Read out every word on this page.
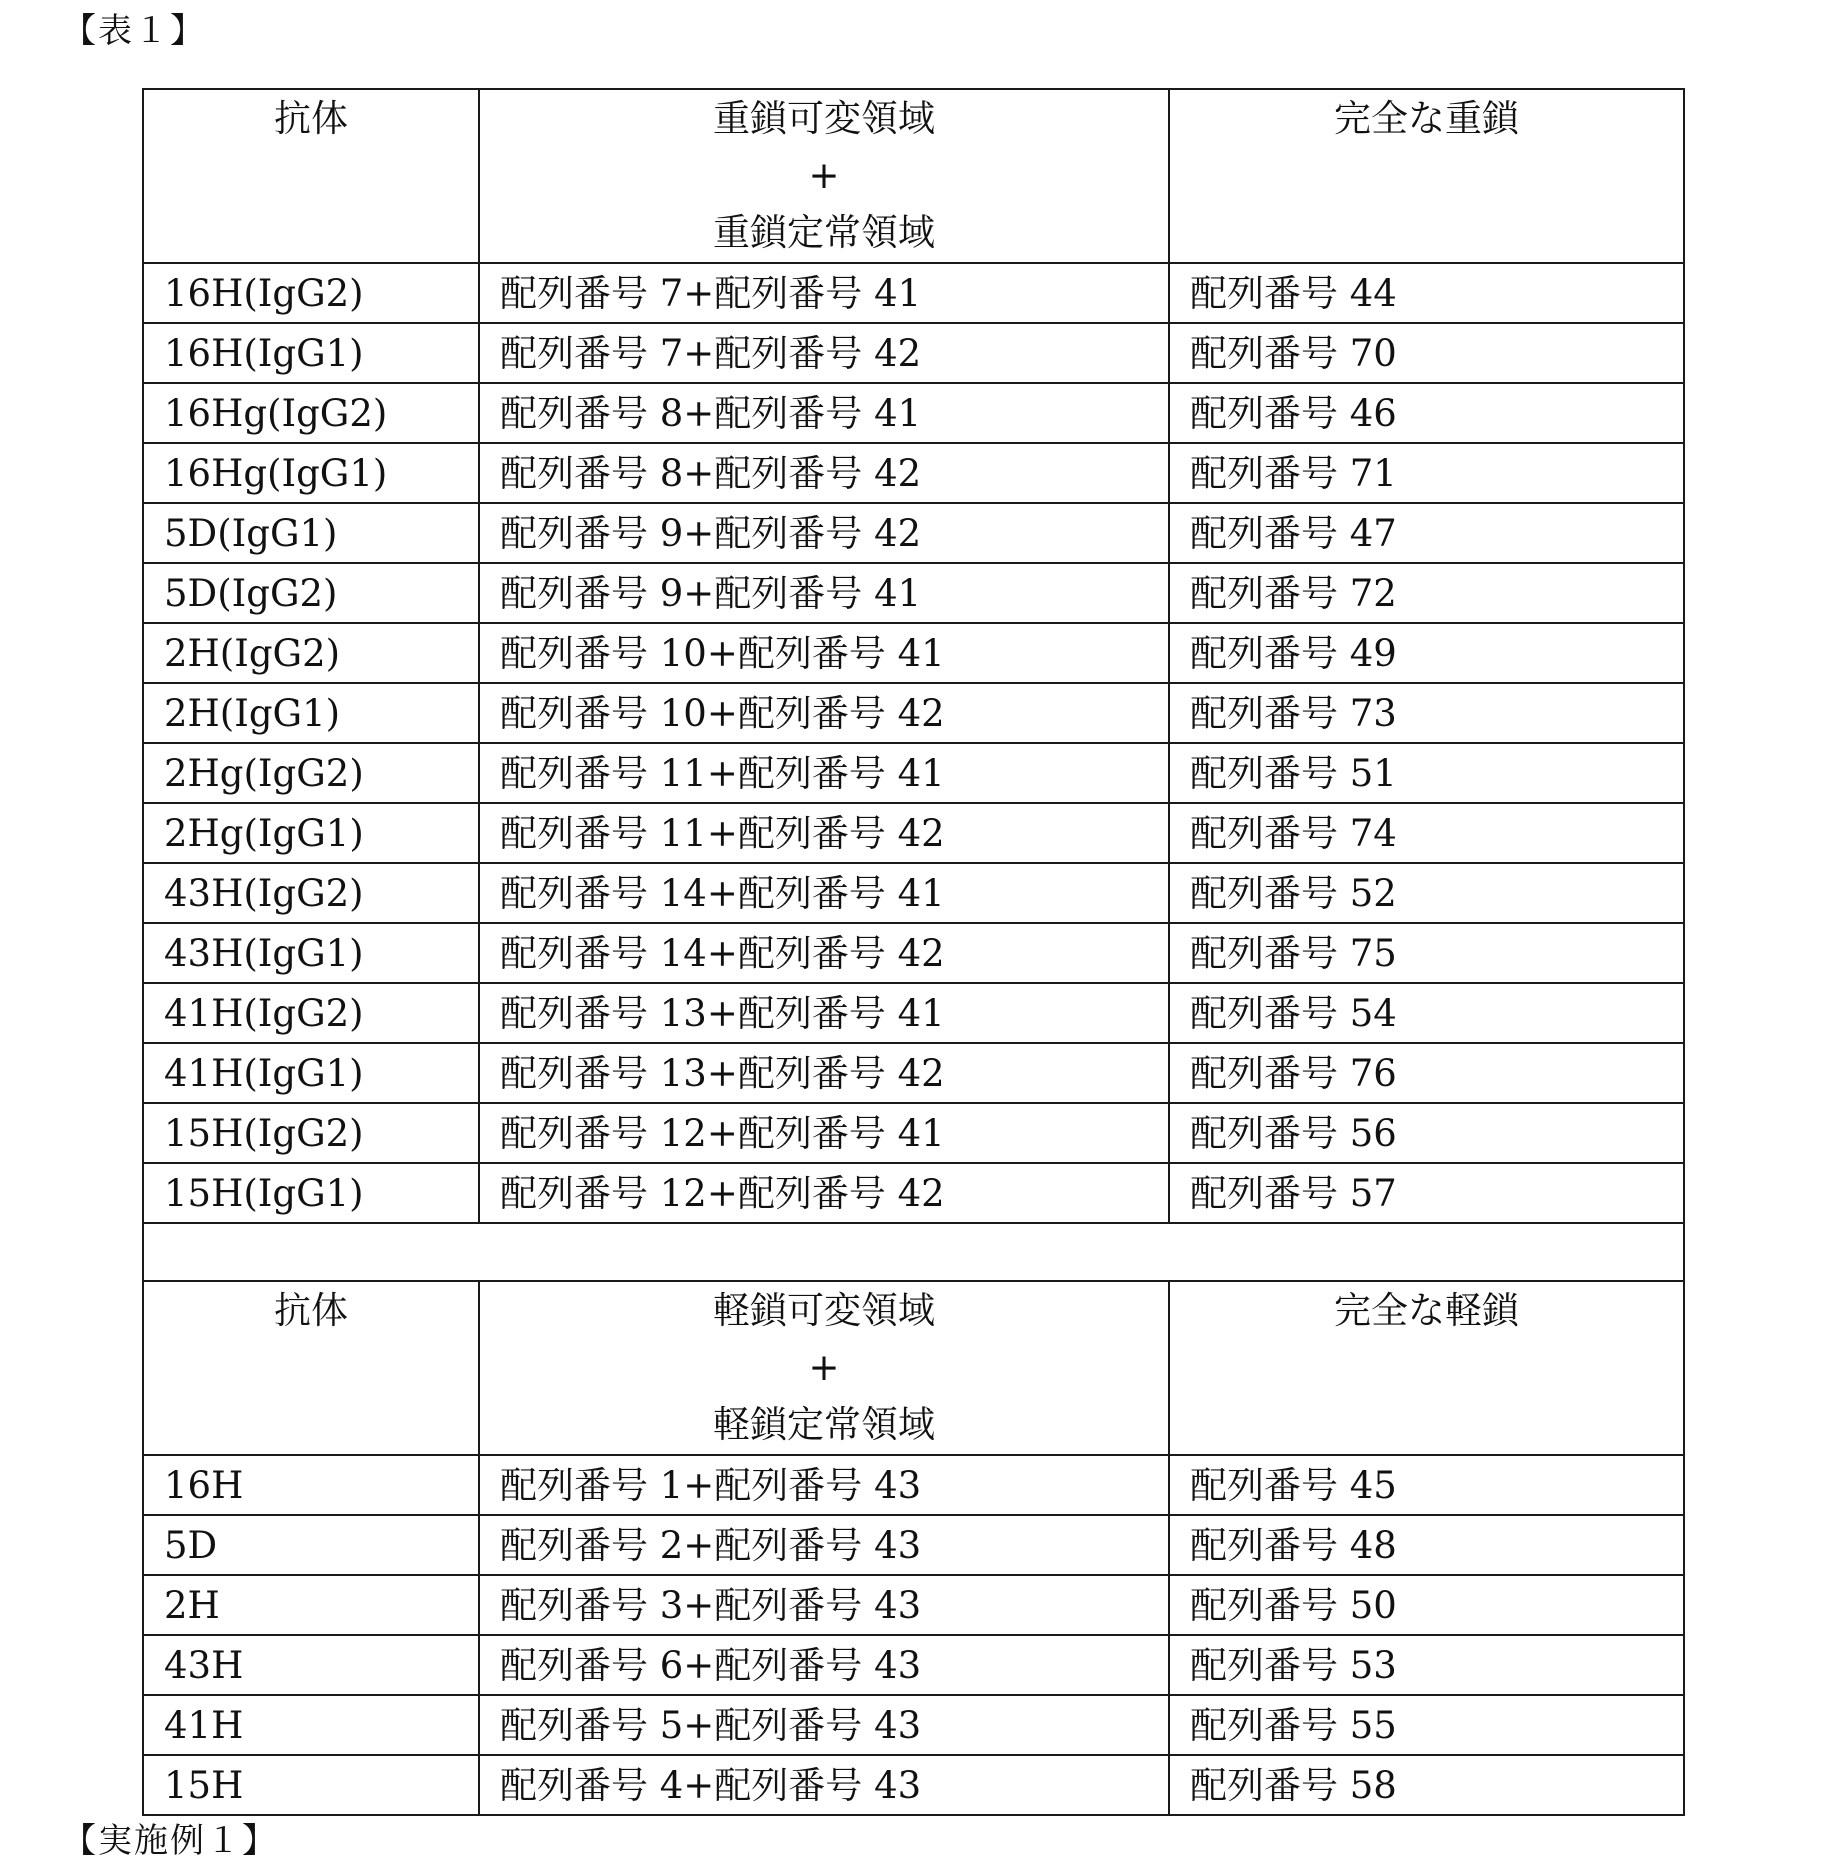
【表１】
抗体	重鎖可変領域
+
重鎖定常領域

完全な重鎖

16H(IgG2)	配列番号 7+配列番号 41	配列番号 44
16H(IgG1)	配列番号 7+配列番号 42	配列番号 70
16Hg(IgG2)	配列番号 8+配列番号 41	配列番号 46
16Hg(IgG1)	配列番号 8+配列番号 42	配列番号 71
5D(IgG1)	配列番号 9+配列番号 42	配列番号 47
5D(IgG2)	配列番号 9+配列番号 41	配列番号 72
2H(IgG2)	配列番号 10+配列番号 41	配列番号 49
2H(IgG1)	配列番号 10+配列番号 42	配列番号 73
2Hg(IgG2)	配列番号 11+配列番号 41	配列番号 51
2Hg(IgG1)	配列番号 11+配列番号 42	配列番号 74
43H(IgG2)	配列番号 14+配列番号 41	配列番号 52
43H(IgG1)	配列番号 14+配列番号 42	配列番号 75
41H(IgG2)	配列番号 13+配列番号 41	配列番号 54
41H(IgG1)	配列番号 13+配列番号 42	配列番号 76
15H(IgG2)	配列番号 12+配列番号 41	配列番号 56
15H(IgG1)	配列番号 12+配列番号 42	配列番号 57

抗体	軽鎖可変領域
+
軽鎖定常領域

完全な軽鎖

16H	配列番号 1+配列番号 43	配列番号 45
5D	配列番号 2+配列番号 43	配列番号 48
2H	配列番号 3+配列番号 43	配列番号 50
43H	配列番号 6+配列番号 43	配列番号 53
41H	配列番号 5+配列番号 43	配列番号 55
15H	配列番号 4+配列番号 43	配列番号 58
【実施例１】
